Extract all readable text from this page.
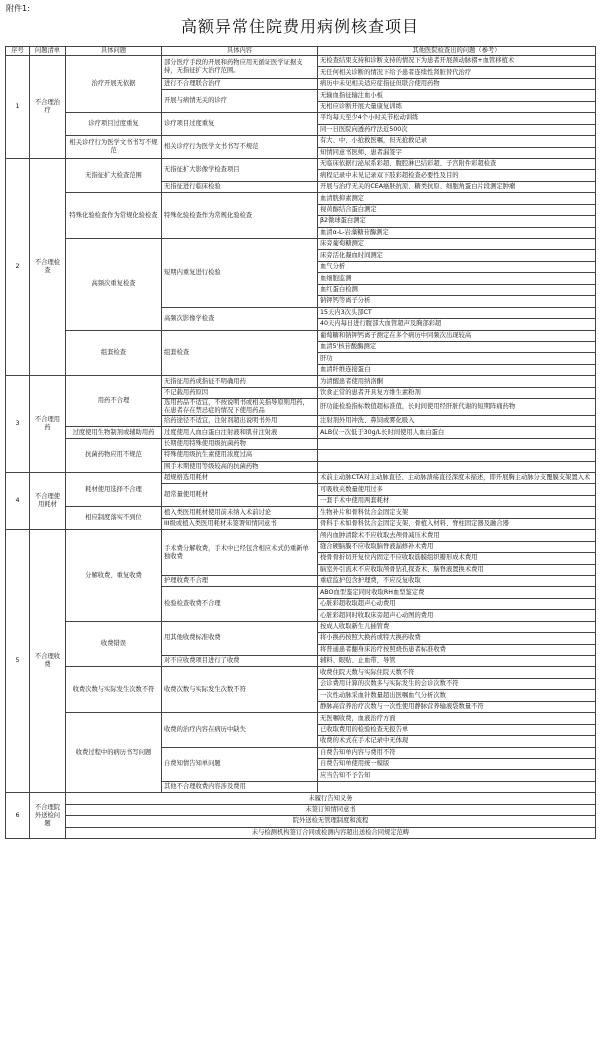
附件1:
高额异常住院费用病例核查项目
序号	问题清单	具体问题	具体内容	其他医院检查出的问题（参考）
1	不合理治疗	治疗开展无依据	部分医疗手段的开展和药物应用无循证医学证据支持，无指征扩大治疗范围。	无检查结果支持和诊断支持的情况下为患者开展颈动脉褶+血管移植术
				无任何相关诊断的情况下给予患者连续性肾脏替代治疗
			进行不合理联合治疗	病历中未见相关适应症指征但联合使用药物
			开展与病情无关的诊疗	无输血指征输注血小板
				无相应诊断开展大量康复训练
		诊疗项目过度重复	诊疗项目过度重复	平均每天至少4个小时关节松动训练
				同一日医院向透药疗法近500次
		相关诊疗行为医学文书书写不规范	相关诊疗行为医学文书书写不规范	有大、中、小抢救医嘱，但无抢救记录
				知情同意书医师、患者漏签字
2	不合理检查	无指征扩大检查范围	无指征扩大影像学检查项目	无临床依据行泌尿系彩超、腹腔淋巴结彩超、子宫附件彩超检查
				病程记录中未见记录双下肢彩超检查必要性及目的
			无指征进行临床检验	开展与治疗无关的CEA癌胚抗原、糖类抗原、细胞角蛋白片段测定肿瘤
		特殊化验检查作为常规化验检查	特殊化验检查作为常规化验检查	血清胱抑素测定
				视黄醇结合蛋白测定
				β2微球蛋白测定
				血清α-L-岩藻糖苷酶测定
		高频次重复检查	短期内重复进行检验	床旁葡萄糖测定
				床旁活化凝血时间测定
				血气分析
				血细胞监测
				血红蛋白检测
				钠钾钙等离子分析
			高频次影像学检查	15天内3次头部CT
				40天内每日进行腹部大血管超声及胸部彩超
		组套检查	组套检查	葡萄糖和钠钾钙离子测定在多个病历中同频次出现较高
				血清5'核苷酸酶测定
				肝功
				血清纤维连接蛋白
3	不合理用药	用药不合理	无指征用药或指征不明确用药	为清醒患者使用纳洛酮
			不记载用药原因	饮食正常的患者开具复方维生素粉剂
			选用药品不适宜，不按说明书或相关指导原则用药，在患者存在禁忌症的情况下使用药品	肝功能检验指标数值超标准值，长时间使用经肝脏代谢的短期阵痛药物
			给药途径不适宜，注射剂超出说明书外用	注射剂外用冲洗、鼻饲或雾化吸入
		过度使用生物制剂或辅助用药	过度使用人血白蛋白注射液和肌苷注射液	ALB仅一次低于30g/L长时间使用人血白蛋白
		抗菌药物应用不规范	长期使用特殊使用级抗菌药物	
			特殊使用级抗生素使用浓度过高	
			围手术期使用等级较高的抗菌药物	
4	不合理使用耗材	耗材使用选择不合理	超规格选用耗材	术前主动脉CTA对主动脉直径、主动脉溃疡直径深度未描述，即开展胸主动脉分支覆膜支架置入术
			超常量使用耗材	可吸收夹数量使用过多
				一套手术中使用两套耗材
		相应制度落实不到位	植入类医用耗材使用前未纳入术前讨论	生物补片和骨科钛合金固定支架
			III级或植入类医用耗材未签署知情同意书	骨科手术如骨科钛合金固定支架、骨植入材料、脊柱固定器及融合器
5	不合理收费	分解收费、重复收费	手术费分解收费，手术中已经包含相应术式仍重新单独收费	颅内血肿清除术不应收取去颅骨减压术费用
				缝合硬脑膜不应收取脑脊液漏修补术费用
				桡骨骨折切开复位内固定不应收取筋膜组织瓣形成术费用
				脑室外引流术不应收取颅骨钻孔探查术、脑脊液置换术费用
			护理收费不合理	重症监护包含护理费，不应反复收取
			检验检查收费不合理	ABO血型鉴定同时收取RH血型鉴定费
				心脏彩超收取超声心动费用
				心脏彩超同时收取床旁超声心动图的费用
		收费错误	用其他收费标准收费	按成人收取新生儿插管费
				将小换药按照大换药或特大换药收费
				将普通患者翻身床治疗按照烧伤患者标准收费
			对不应收费项目进行了收费	辅料、眼贴、止血带、导管
		收费次数与实际发生次数不符	收费次数与实际发生次数不符	收费住院天数与实际住院天数不符
				会诊费用计算的次数多与实际发生的会诊次数不符
				一次性动脉采血针数量超出医嘱血气分析次数
				静脉高营养治疗次数与一次性使用静脉营养输液袋数量不符
		收费过程中的病历书写问题	收费的治疗内容在病历中缺失	无医嘱收费，血液治疗方面
				已收取费用的检验检查无报告单
				收费的术式在手术记录中无体现
			自费知情告知单问题	自费告知单内容与费用不符
				自费告知单使用统一模版
				应当告知不予告知
			其他不合理收费内容涉及费用	
6	不合理院外送检问题	未履行告知义务		
		未签订知情同意书		
		院外送检无管理制度和流程		
		未与检测机构签订合同或检测内容超出送检合同规定范畴		
